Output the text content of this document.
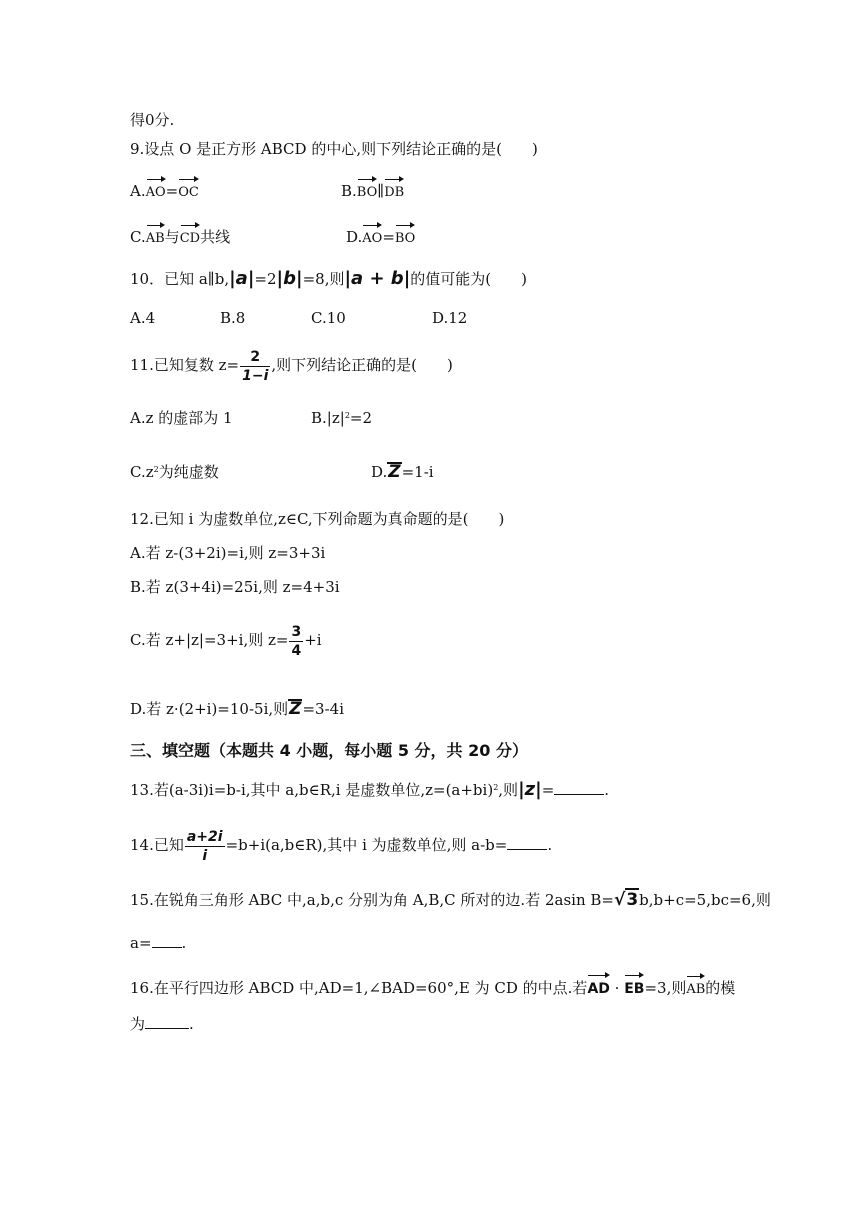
得0分.
9.设点 O 是正方形 ABCD 的中心,则下列结论正确的是(　　)
A.AO=OC	B.BO∥DB
C.AB与CD共线	D.AO=BO
10．已知 a∥b,|a|=2|b|=8,则|a + b|的值可能为(　　)
A.4	B.8	C.10	D.12
11.已知复数 $z= \frac{2}{1-i}$ ,则下列结论正确的是(　　)
A.z 的虚部为 1	$B.|z|^2=2$
$C.z^2$为纯虚数	D.Z=1-i
12.已知 i 为虚数单位,z∈C,下列命题为真命题的是(　　)
A.若 z-(3+2i)=i,则 z=3+3i
B.若 z(3+4i)=25i,则 z=4+3i
C.若 z+|z|=3+i,则 $z= \frac{3}{4} +i$
D.若 z·(2+i)=10-5i,则Z=3-4i
三、填空题（本题共 4 小题，每小题 5 分，共 20 分）
13.若(a-3i)i=b-i,其中 a,b∈R,i 是虚数单位$,z=(a+bi)^2$,则|z|=	.
14.已知 $\frac{a+2i}{i}$ =b+i(a,b∈R),其中 i 为虚数单位,则 a-b=	.
15.在锐角三角形 ABC 中,a,b,c 分别为角 A,B,C 所对的边.若 2asin B=√3b,b+c=5,bc=6,则
a= .
16.在平行四边形 ABCD 中,AD=1,∠BAD=60°,E 为 CD 的中点.若AD · EB=3,则AB的模
为	.
